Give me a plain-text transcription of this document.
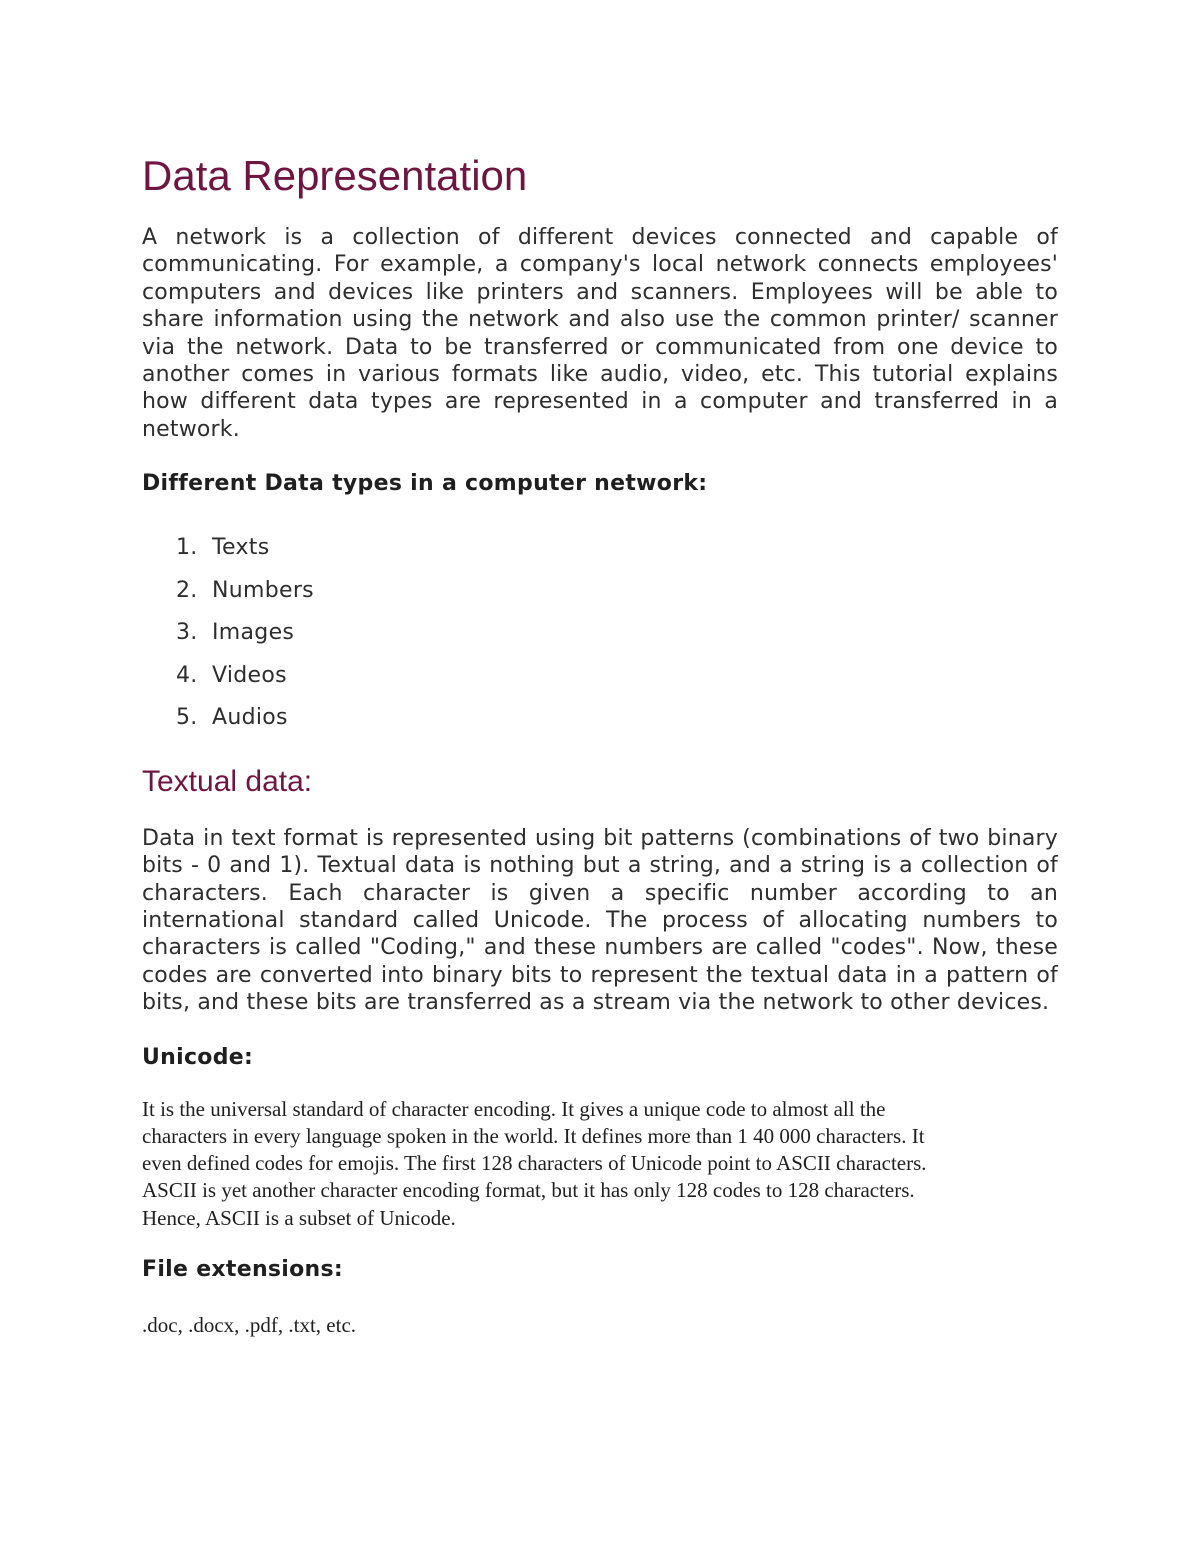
Data Representation

A network is a collection of different devices connected and capable of communicating. For example, a company's local network connects employees' computers and devices like printers and scanners. Employees will be able to share information using the network and also use the common printer/ scanner via the network. Data to be transferred or communicated from one device to another comes in various formats like audio, video, etc. This tutorial explains how different data types are represented in a computer and transferred in a network.

Different Data types in a computer network:

1. Texts
2. Numbers
3. Images
4. Videos
5. Audios
Textual data:

Data in text format is represented using bit patterns (combinations of two binary bits - 0 and 1). Textual data is nothing but a string, and a string is a collection of characters. Each character is given a specific number according to an international standard called Unicode. The process of allocating numbers to characters is called "Coding," and these numbers are called "codes". Now, these codes are converted into binary bits to represent the textual data in a pattern of bits, and these bits are transferred as a stream via the network to other devices.

Unicode:

It is the universal standard of character encoding. It gives a unique code to almost all the

characters in every language spoken in the world. It defines more than 1 40 000 characters. It

even defined codes for emojis. The first 128 characters of Unicode point to ASCII characters.

ASCII is yet another character encoding format, but it has only 128 codes to 128 characters.

Hence, ASCII is a subset of Unicode.

File extensions:

.doc, .docx, .pdf, .txt, etc.
